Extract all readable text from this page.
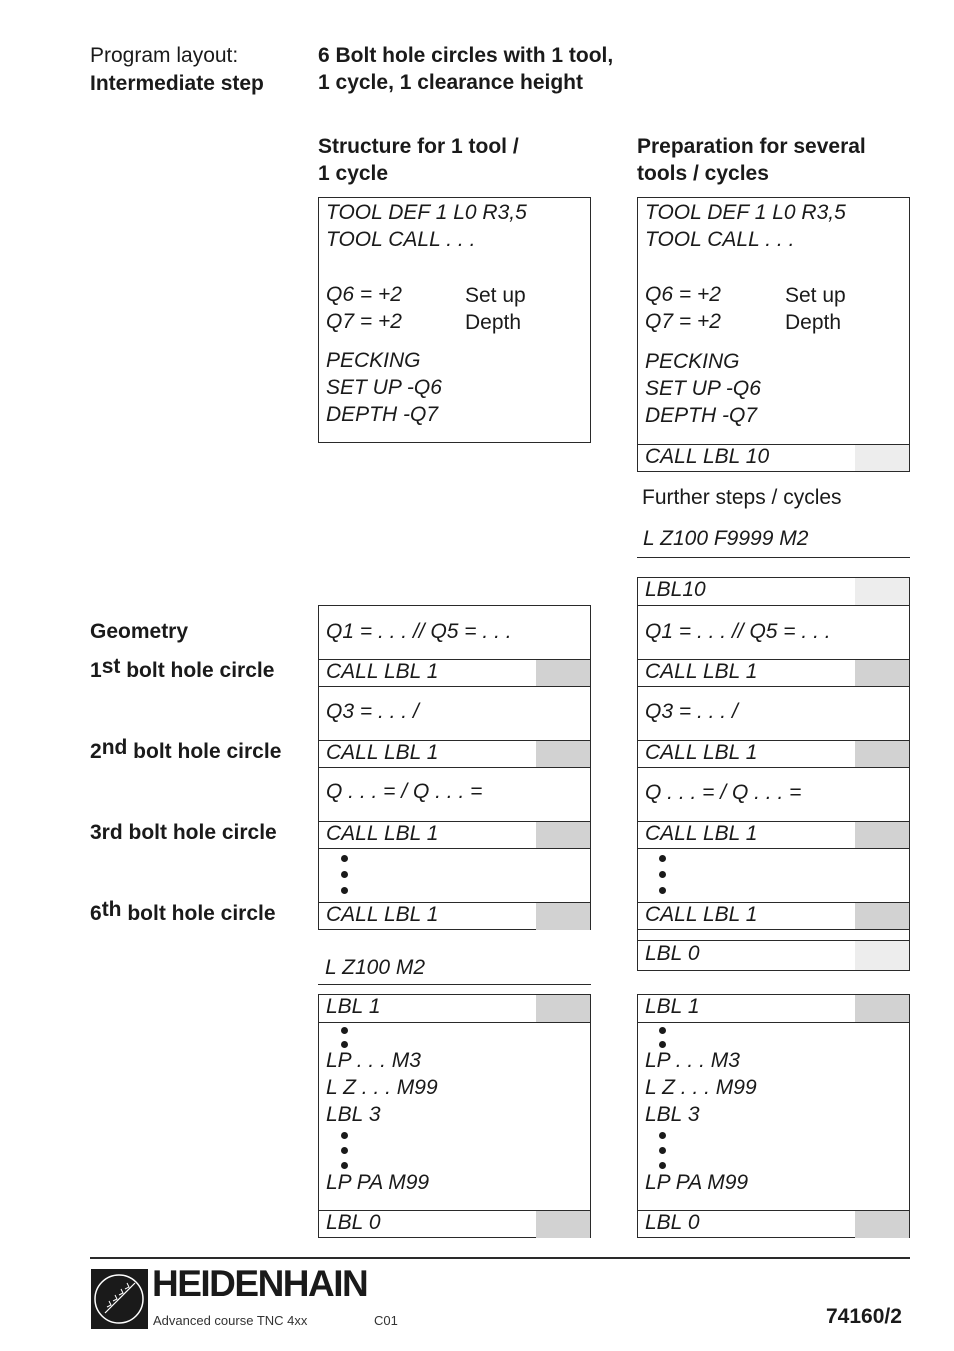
Program layout:
Intermediate step
6 Bolt hole circles with 1 tool,
1 cycle, 1 clearance height
Structure for 1 tool /
1 cycle
Preparation for several
tools / cycles
Geometry
1st bolt hole circle
2nd bolt hole circle
3rd bolt hole circle
6th bolt hole circle
TOOL DEF 1 L0 R3,5
TOOL CALL . . .
Q6 = +2	Set up
Q7 = +2	Depth
PECKING
SET UP -Q6
DEPTH -Q7
Q1 = . . . // Q5 = . . .
CALL LBL 1
Q3 = . . . /
CALL LBL 1
Q . . . = / Q . . . =
CALL LBL 1
CALL LBL 1
L Z100 M2
LBL 1
LP . . . M3
L Z . . . M99
LBL 3
LP PA M99
LBL 0
TOOL DEF 1 L0 R3,5
TOOL CALL . . .
Q6 = +2	Set up
Q7 = +2	Depth
PECKING
SET UP -Q6
DEPTH -Q7
CALL LBL 10
Further steps / cycles
L Z100 F9999 M2
LBL10
Q1 = . . . // Q5 = . . .
CALL LBL 1
Q3 = . . . /
CALL LBL 1
Q . . . = / Q . . . =
CALL LBL 1
CALL LBL 1
LBL 0
LBL 1
LP . . . M3
L Z . . . M99
LBL 3
LP PA M99
LBL 0
HEIDENHAIN
Advanced course TNC 4xx	C01	74160/2
